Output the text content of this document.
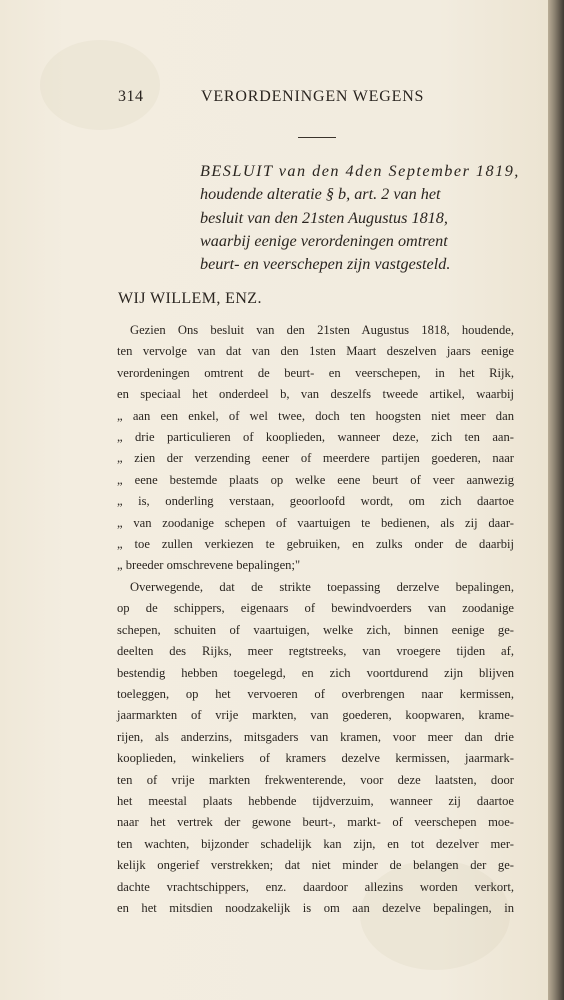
314	VERORDENINGEN WEGENS
BESLUIT van den 4den September 1819,
houdende alteratie § b, art. 2 van het
besluit van den 21sten Augustus 1818,
waarbij eenige verordeningen omtrent
beurt- en veerschepen zijn vastgesteld.
WIJ WILLEM, ENZ.
Gezien Ons besluit van den 21sten Augustus 1818, houdende,
ten vervolge van dat van den 1sten Maart deszelven jaars eenige
verordeningen omtrent de beurt- en veerschepen, in het Rijk,
en speciaal het onderdeel b, van deszelfs tweede artikel, waarbij
„ aan een enkel, of wel twee, doch ten hoogsten niet meer dan
„ drie particulieren of kooplieden, wanneer deze, zich ten aan-
„ zien der verzending eener of meerdere partijen goederen, naar
„ eene bestemde plaats op welke eene beurt of veer aanwezig
„ is, onderling verstaan, geoorloofd wordt, om zich daartoe
„ van zoodanige schepen of vaartuigen te bedienen, als zij daar-
„ toe zullen verkiezen te gebruiken, en zulks onder de daarbij
„ breeder omschrevene bepalingen;"
Overwegende, dat de strikte toepassing derzelve bepalingen,
op de schippers, eigenaars of bewindvoerders van zoodanige
schepen, schuiten of vaartuigen, welke zich, binnen eenige ge-
deelten des Rijks, meer regtstreeks, van vroegere tijden af,
bestendig hebben toegelegd, en zich voortdurend zijn blijven
toeleggen, op het vervoeren of overbrengen naar kermissen,
jaarmarkten of vrije markten, van goederen, koopwaren, krame-
rijen, als anderzins, mitsgaders van kramen, voor meer dan drie
kooplieden, winkeliers of kramers dezelve kermissen, jaarmark-
ten of vrije markten frekwenterende, voor deze laatsten, door
het meestal plaats hebbende tijdverzuim, wanneer zij daartoe
naar het vertrek der gewone beurt-, markt- of veerschepen moe-
ten wachten, bijzonder schadelijk kan zijn, en tot dezelver mer-
kelijk ongerief verstrekken; dat niet minder de belangen der ge-
dachte vrachtschippers, enz. daardoor allezins worden verkort,
en het mitsdien noodzakelijk is om aan dezelve bepalingen, in
